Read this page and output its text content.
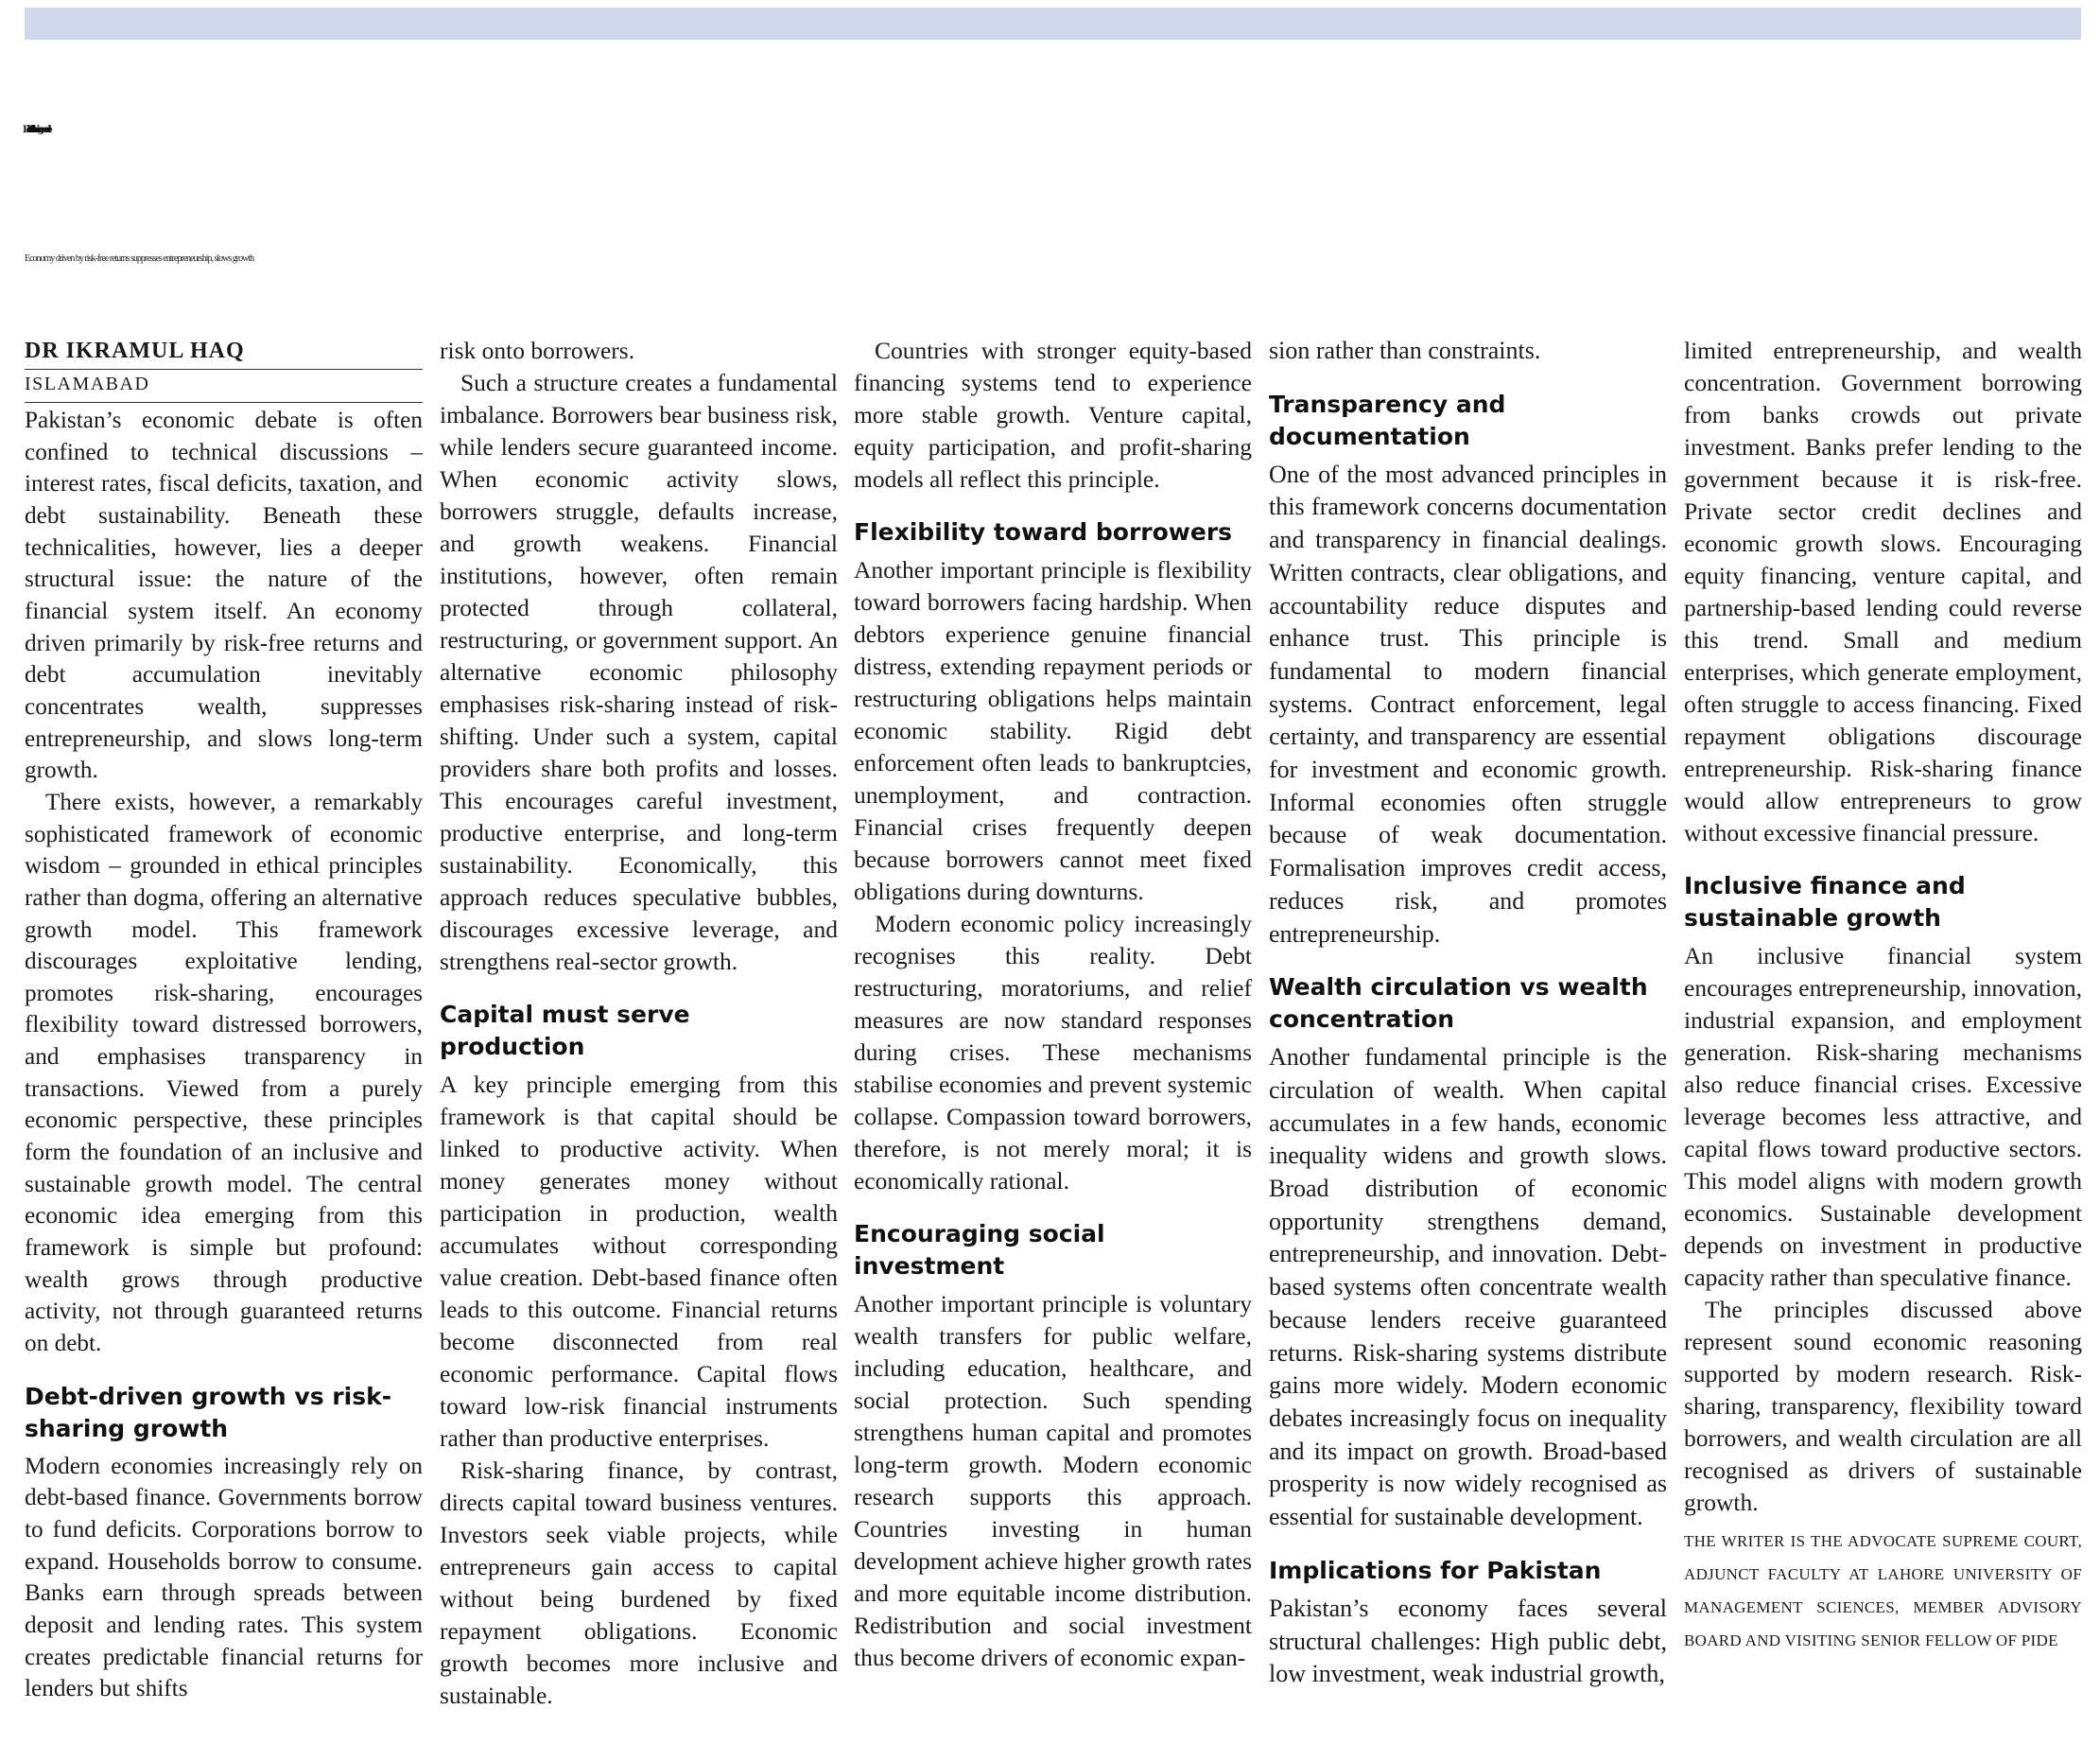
Debt-driven to risk-sharing model
Economy driven by risk-free returns suppresses entrepreneurship, slows growth
DR IKRAMUL HAQ
ISLAMABAD

Pakistan’s economic debate is often confined to technical discussions – interest rates, fiscal deficits, taxation, and debt sustainability. Beneath these technicalities, however, lies a deeper structural issue: the nature of the financial system itself. An economy driven primarily by risk-free returns and debt accumulation inevitably concentrates wealth, suppresses entrepreneurship, and slows long-term growth.

There exists, however, a remarkably sophisticated framework of economic wisdom – grounded in ethical principles rather than dogma, offering an alternative growth model. This framework discourages exploitative lending, promotes risk-sharing, encourages flexibility toward distressed borrowers, and emphasises transparency in transactions. Viewed from a purely economic perspective, these principles form the foundation of an inclusive and sustainable growth model. The central economic idea emerging from this framework is simple but profound: wealth grows through productive activity, not through guaranteed returns on debt.

Debt-driven growth vs risk-sharing growth

Modern economies increasingly rely on debt-based finance. Governments borrow to fund deficits. Corporations borrow to expand. Households borrow to consume. Banks earn through spreads between deposit and lending rates. This system creates predictable financial returns for lenders but shifts

risk onto borrowers.

Such a structure creates a fundamental imbalance. Borrowers bear business risk, while lenders secure guaranteed income. When economic activity slows, borrowers struggle, defaults increase, and growth weakens. Financial institutions, however, often remain protected through collateral, restructuring, or government support. An alternative economic philosophy emphasises risk-sharing instead of risk-shifting. Under such a system, capital providers share both profits and losses. This encourages careful investment, productive enterprise, and long-term sustainability. Economically, this approach reduces speculative bubbles, discourages excessive leverage, and strengthens real-sector growth.

Capital must serve production

A key principle emerging from this framework is that capital should be linked to productive activity. When money generates money without participation in production, wealth accumulates without corresponding value creation. Debt-based finance often leads to this outcome. Financial returns become disconnected from real economic performance. Capital flows toward low-risk financial instruments rather than productive enterprises.

Risk-sharing finance, by contrast, directs capital toward business ventures. Investors seek viable projects, while entrepreneurs gain access to capital without being burdened by fixed repayment obligations. Economic growth becomes more inclusive and sustainable.

Countries with stronger equity-based financing systems tend to experience more stable growth. Venture capital, equity participation, and profit-sharing models all reflect this principle.

Flexibility toward borrowers

Another important principle is flexibility toward borrowers facing hardship. When debtors experience genuine financial distress, extending repayment periods or restructuring obligations helps maintain economic stability. Rigid debt enforcement often leads to bankruptcies, unemployment, and contraction. Financial crises frequently deepen because borrowers cannot meet fixed obligations during downturns.

Modern economic policy increasingly recognises this reality. Debt restructuring, moratoriums, and relief measures are now standard responses during crises. These mechanisms stabilise economies and prevent systemic collapse. Compassion toward borrowers, therefore, is not merely moral; it is economically rational.

Encouraging social investment

Another important principle is voluntary wealth transfers for public welfare, including education, healthcare, and social protection. Such spending strengthens human capital and promotes long-term growth. Modern economic research supports this approach. Countries investing in human development achieve higher growth rates and more equitable income distribution. Redistribution and social investment thus become drivers of economic expan-

sion rather than constraints.

Transparency and documentation

One of the most advanced principles in this framework concerns documentation and transparency in financial dealings. Written contracts, clear obligations, and accountability reduce disputes and enhance trust. This principle is fundamental to modern financial systems. Contract enforcement, legal certainty, and transparency are essential for investment and economic growth. Informal economies often struggle because of weak documentation. Formalisation improves credit access, reduces risk, and promotes entrepreneurship.

Wealth circulation vs wealth concentration

Another fundamental principle is the circulation of wealth. When capital accumulates in a few hands, economic inequality widens and growth slows. Broad distribution of economic opportunity strengthens demand, entrepreneurship, and innovation. Debt-based systems often concentrate wealth because lenders receive guaranteed returns. Risk-sharing systems distribute gains more widely. Modern economic debates increasingly focus on inequality and its impact on growth. Broad-based prosperity is now widely recognised as essential for sustainable development.

Implications for Pakistan

Pakistan’s economy faces several structural challenges: High public debt, low investment, weak industrial growth,

limited entrepreneurship, and wealth concentration. Government borrowing from banks crowds out private investment. Banks prefer lending to the government because it is risk-free. Private sector credit declines and economic growth slows. Encouraging equity financing, venture capital, and partnership-based lending could reverse this trend. Small and medium enterprises, which generate employment, often struggle to access financing. Fixed repayment obligations discourage entrepreneurship. Risk-sharing finance would allow entrepreneurs to grow without excessive financial pressure.

Inclusive finance and sustainable growth

An inclusive financial system encourages entrepreneurship, innovation, industrial expansion, and employment generation. Risk-sharing mechanisms also reduce financial crises. Excessive leverage becomes less attractive, and capital flows toward productive sectors. This model aligns with modern growth economics. Sustainable development depends on investment in productive capacity rather than speculative finance.

The principles discussed above represent sound economic reasoning supported by modern research. Risk-sharing, transparency, flexibility toward borrowers, and wealth circulation are all recognised as drivers of sustainable growth.

THE WRITER IS THE ADVOCATE SUPREME COURT, ADJUNCT FACULTY AT LAHORE UNIVERSITY OF MANAGEMENT SCIENCES, MEMBER ADVISORY BOARD AND VISITING SENIOR FELLOW OF PIDE
